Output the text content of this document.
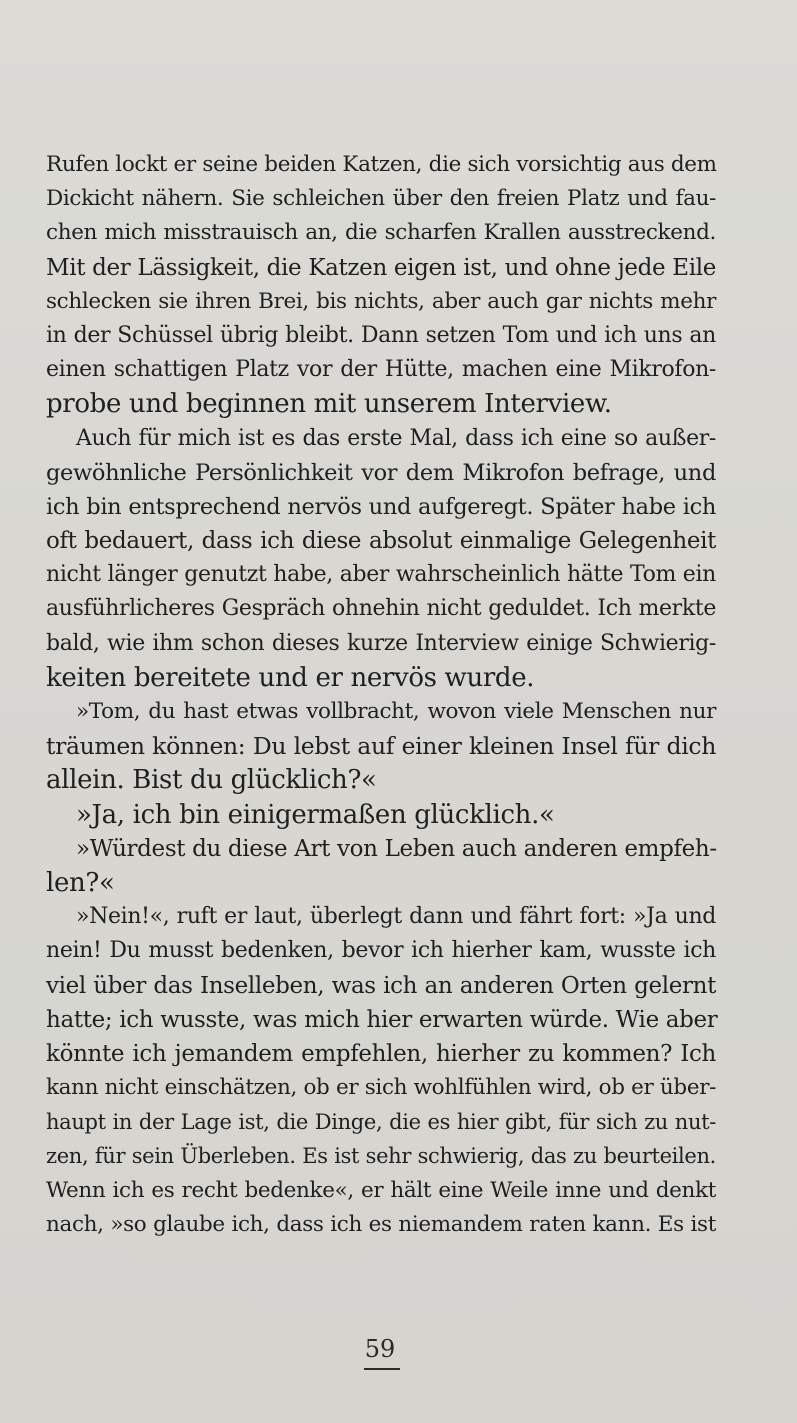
Rufen lockt er seine beiden Katzen, die sich vorsichtig aus dem
Dickicht nähern. Sie schleichen über den freien Platz und fau-
chen mich misstrauisch an, die scharfen Krallen ausstreckend.
Mit der Lässigkeit, die Katzen eigen ist, und ohne jede Eile
schlecken sie ihren Brei, bis nichts, aber auch gar nichts mehr
in der Schüssel übrig bleibt. Dann setzen Tom und ich uns an
einen schattigen Platz vor der Hütte, machen eine Mikrofon-
probe und beginnen mit unserem Interview.
Auch für mich ist es das erste Mal, dass ich eine so außer-
gewöhnliche Persönlichkeit vor dem Mikrofon befrage, und
ich bin entsprechend nervös und aufgeregt. Später habe ich
oft bedauert, dass ich diese absolut einmalige Gelegenheit
nicht länger genutzt habe, aber wahrscheinlich hätte Tom ein
ausführlicheres Gespräch ohnehin nicht geduldet. Ich merkte
bald, wie ihm schon dieses kurze Interview einige Schwierig-
keiten bereitete und er nervös wurde.
»Tom, du hast etwas vollbracht, wovon viele Menschen nur
träumen können: Du lebst auf einer kleinen Insel für dich
allein. Bist du glücklich?«
»Ja, ich bin einigermaßen glücklich.«
»Würdest du diese Art von Leben auch anderen empfeh-
len?«
»Nein!«, ruft er laut, überlegt dann und fährt fort: »Ja und
nein! Du musst bedenken, bevor ich hierher kam, wusste ich
viel über das Inselleben, was ich an anderen Orten gelernt
hatte; ich wusste, was mich hier erwarten würde. Wie aber
könnte ich jemandem empfehlen, hierher zu kommen? Ich
kann nicht einschätzen, ob er sich wohlfühlen wird, ob er über-
haupt in der Lage ist, die Dinge, die es hier gibt, für sich zu nut-
zen, für sein Überleben. Es ist sehr schwierig, das zu beurteilen.
Wenn ich es recht bedenke«, er hält eine Weile inne und denkt
nach, »so glaube ich, dass ich es niemandem raten kann. Es ist
59
